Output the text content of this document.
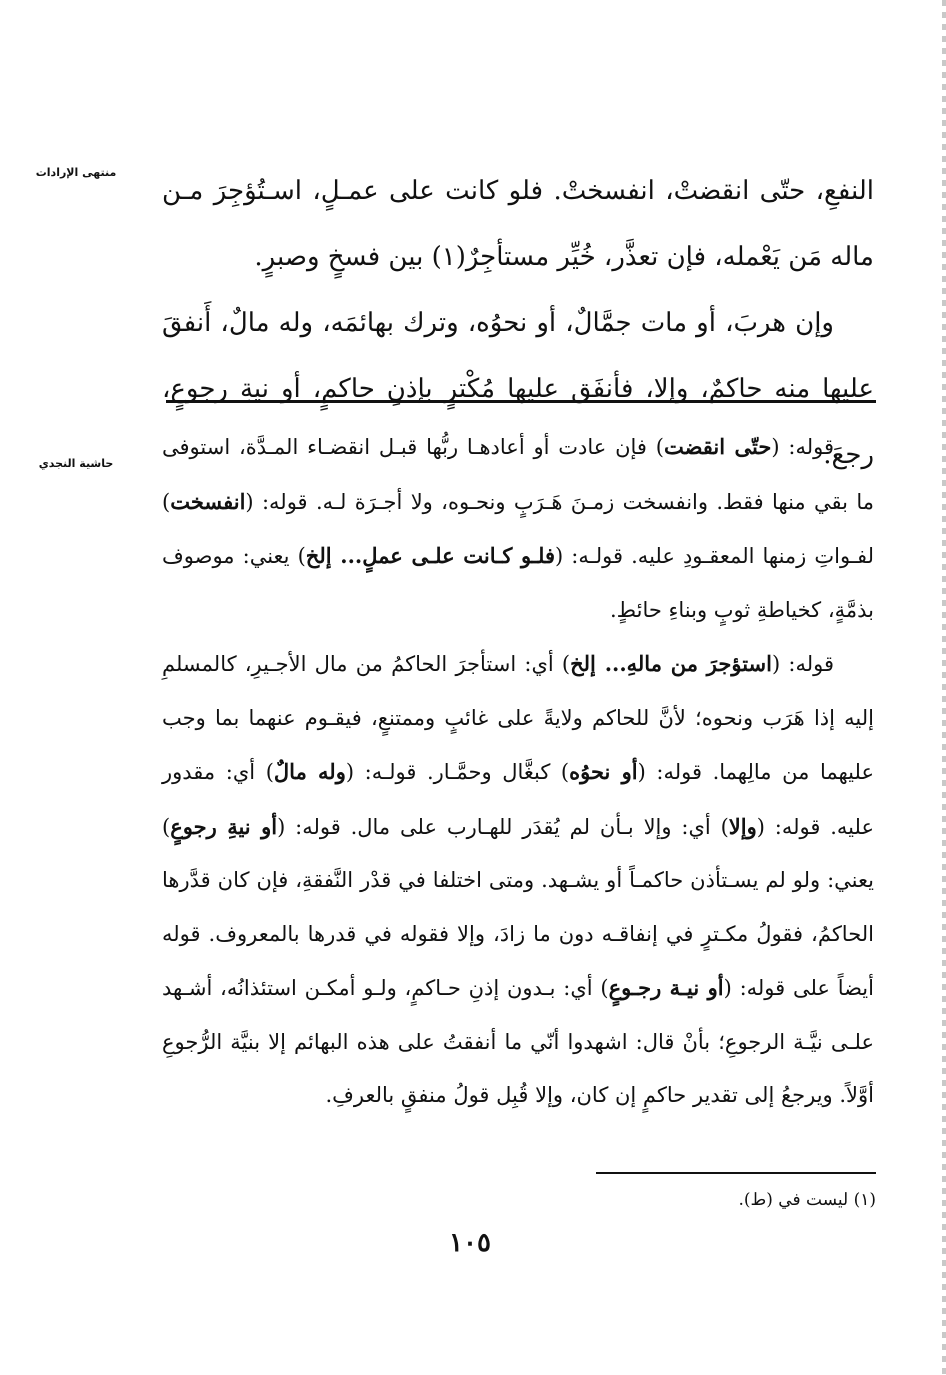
منتهى الإرادات
حاشية النجدي

النفعِ، حتّى انقضتْ، انفسختْ. فلو كانت على عمـلٍ، اسـتُؤجِرَ مـن ماله مَن يَعْمله، فإن تعذَّر، خُيِّر مستأجِرٌ(١) بين فسخٍ وصبرٍ.

وإن هربَ، أو مات جمَّالٌ، أو نحوُه، وترك بهائمَه، وله مالٌ، أَنفقَ عليها منه حاكمٌ، وإلا، فأنفَق عليها مُكْترٍ بإذنِ حاكمٍ، أو نيةِ رجوعٍ، رجعَ.

قوله: (حتّى انقضت) فإن عادت أو أعادهـا ربُّها قبـل انقضـاء المـدَّة، استوفى ما بقي منها فقط. وانفسخت زمـنَ هَـرَبٍ ونحـوه، ولا أجـرَة لـه. قوله: (انفسخت) لفـواتِ زمنها المعقـودِ عليه. قولـه: (فلـو كـانت علـى عملٍ... إلخ) يعني: موصوف بذمَّةٍ، كخياطةِ ثوبٍ وبناءِ حائطٍ.

قوله: (استؤجرَ من مالهِ... إلخ) أي: استأجرَ الحاكمُ من مال الأجـيرِ، كالمسلمِ إليه إذا هَرَب ونحوه؛ لأنَّ للحاكم ولايةً على غائبٍ وممتنعٍ، فيقـوم عنهما بما وجب عليهما من مالِهما. قوله: (أو نحوُه) كبغَّال وحمَّـار. قولـه: (وله مالٌ) أي: مقدور عليه. قوله: (وإلا) أي: وإلا بـأن لم يُقدَر للهـارب على مال. قوله: (أو نيةِ رجوعٍ) يعني: ولو لم يسـتأذن حاكمـاً أو يشـهد. ومتى اختلفا في قدْر النَّفقةِ، فإن كان قدَّرها الحاكمُ، فقولُ مكـترٍ في إنفاقـه دون ما زادَ، وإلا فقوله في قدرها بالمعروف. قوله أيضاً على قوله: (أو نيـة رجـوعٍ) أي: بـدون إذنِ حـاكمٍ، ولـو أمكـن استئذانُه، أشـهد علـى نيَّـة الرجوعِ؛ بأنْ قال: اشهدوا أنّي ما أنفقتُ على هذه البهائم إلا بنيَّة الرُّجوعِ أوَّلاً. ويرجعُ إلى تقدير حاكمٍ إن كان، وإلا قُبِل قولُ منفقٍ بالعرفِ.

(١) ليست في (ط).
١٠٥
